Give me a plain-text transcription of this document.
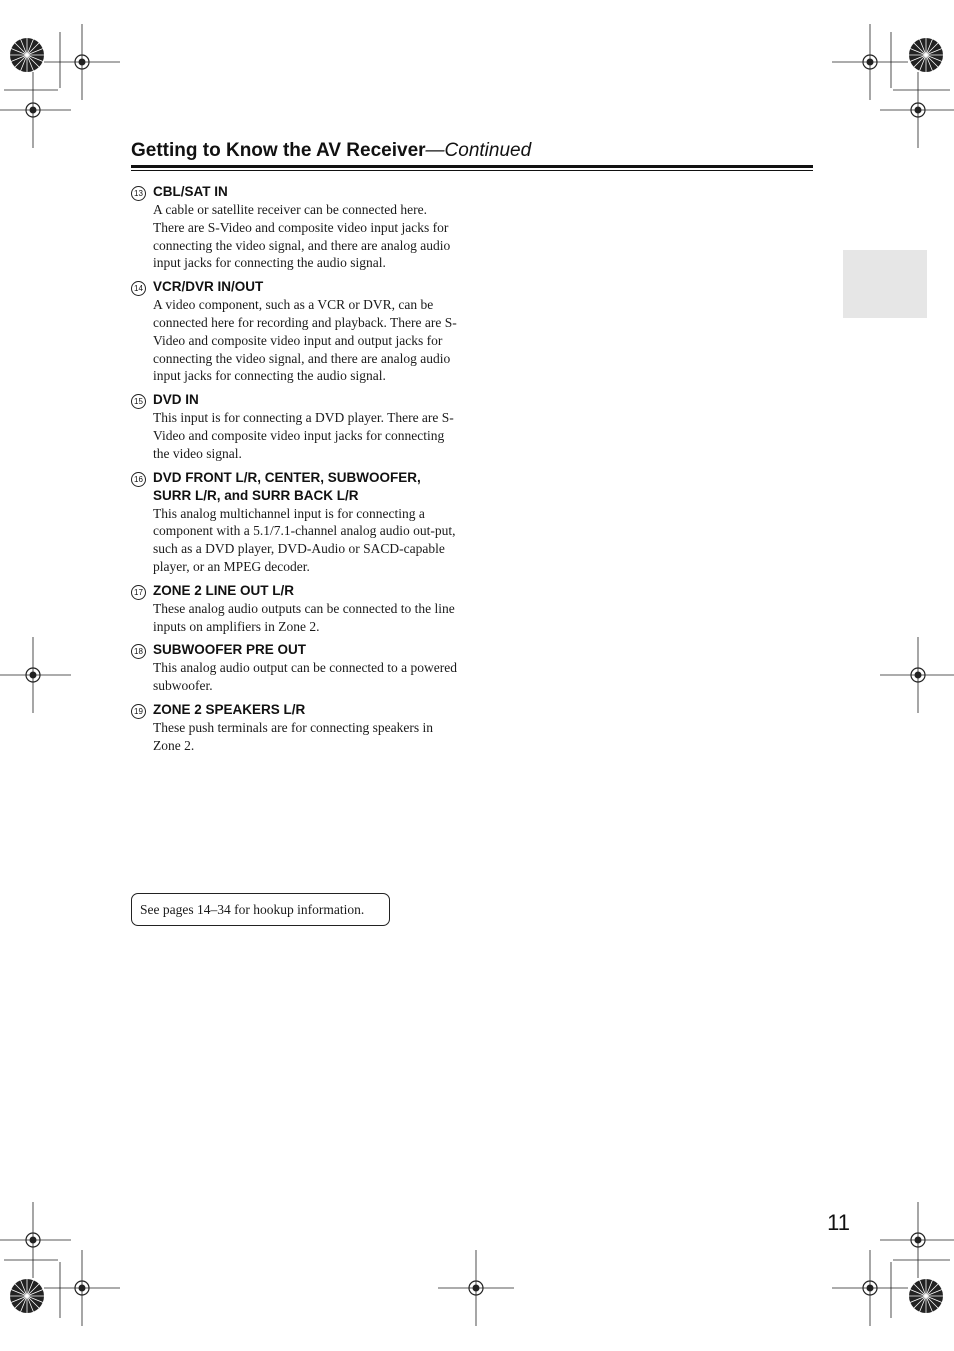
Getting to Know the AV Receiver—Continued
13 CBL/SAT IN
A cable or satellite receiver can be connected here. There are S-Video and composite video input jacks for connecting the video signal, and there are analog audio input jacks for connecting the audio signal.
14 VCR/DVR IN/OUT
A video component, such as a VCR or DVR, can be connected here for recording and playback. There are S-Video and composite video input and output jacks for connecting the video signal, and there are analog audio input jacks for connecting the audio signal.
15 DVD IN
This input is for connecting a DVD player. There are S-Video and composite video input jacks for connecting the video signal.
16 DVD FRONT L/R, CENTER, SUBWOOFER, SURR L/R, and SURR BACK L/R
This analog multichannel input is for connecting a component with a 5.1/7.1-channel analog audio out-put, such as a DVD player, DVD-Audio or SACD-capable player, or an MPEG decoder.
17 ZONE 2 LINE OUT L/R
These analog audio outputs can be connected to the line inputs on amplifiers in Zone 2.
18 SUBWOOFER PRE OUT
This analog audio output can be connected to a powered subwoofer.
19 ZONE 2 SPEAKERS L/R
These push terminals are for connecting speakers in Zone 2.
See pages 14–34 for hookup information.
11
